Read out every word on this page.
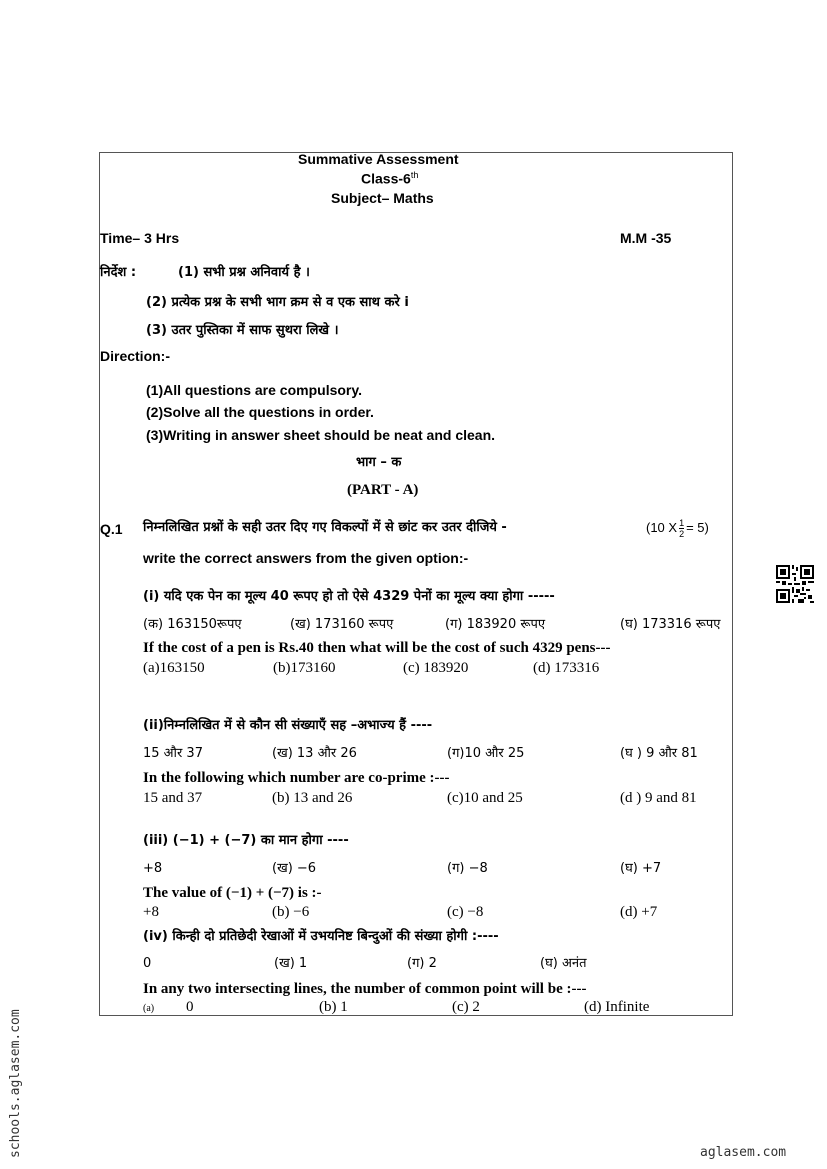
Summative Assessment
Class-6th
Subject– Maths
Time– 3 Hrs	M.M -35
निर्देश :	(1) सभी प्रश्न अनिवार्य है ।
(2) प्रत्येक प्रश्न के सभी भाग क्रम से व एक साथ करे i
(3) उतर पुस्तिका में साफ सुथरा लिखे ।
Direction:-
(1)All questions are compulsory.
(2)Solve all the questions in order.
(3)Writing in answer sheet should be neat and clean.
भाग – क
(PART - A)
Q.1 निम्नलिखित प्रश्नों के सही उतर दिए गए विकल्पों में से छांट कर उतर दीजिये -	(10 X $\frac{1}{2} = 5$)
write the correct answers from the given option:-
(i) यदि एक पेन का मूल्य 40 रूपए हो तो ऐसे 4329 पेनों का मूल्य क्या होगा -----
(क) 163150रूपए	(ख) 173160 रूपए	(ग) 183920 रूपए	(घ) 173316 रूपए
If the cost of a pen is Rs.40 then what will be the cost of such 4329 pens---
(a)163150	(b)173160	(c) 183920	(d) 173316
(ii)निम्नलिखित में से कौन सी संख्याएँ सह –अभाज्य हैं ----
15 और 37	(ख) 13 और 26	(ग)10 और 25	(घ ) 9 और 81
In the following which number are co-prime :---
15 and 37	(b) 13 and 26	(c)10 and 25	(d ) 9 and 81
(iii) (−1) + (−7) का मान होगा ----
+8	(ख) −6	(ग) −8	(घ) +7
The value of (−1) + (−7) is :-
+8	(b) −6	(c) −8	(d) +7
(iv) किन्ही दो प्रतिछेदी रेखाओं में उभयनिष्ट बिन्दुओं की संख्या होगी :----
0	(ख) 1	(ग) 2	(घ) अनंत
In any two intersecting lines, the number of common point will be :---
(a) 0	(b) 1	(c) 2	(d) Infinite
schools.aglasem.com	aglasem.com
